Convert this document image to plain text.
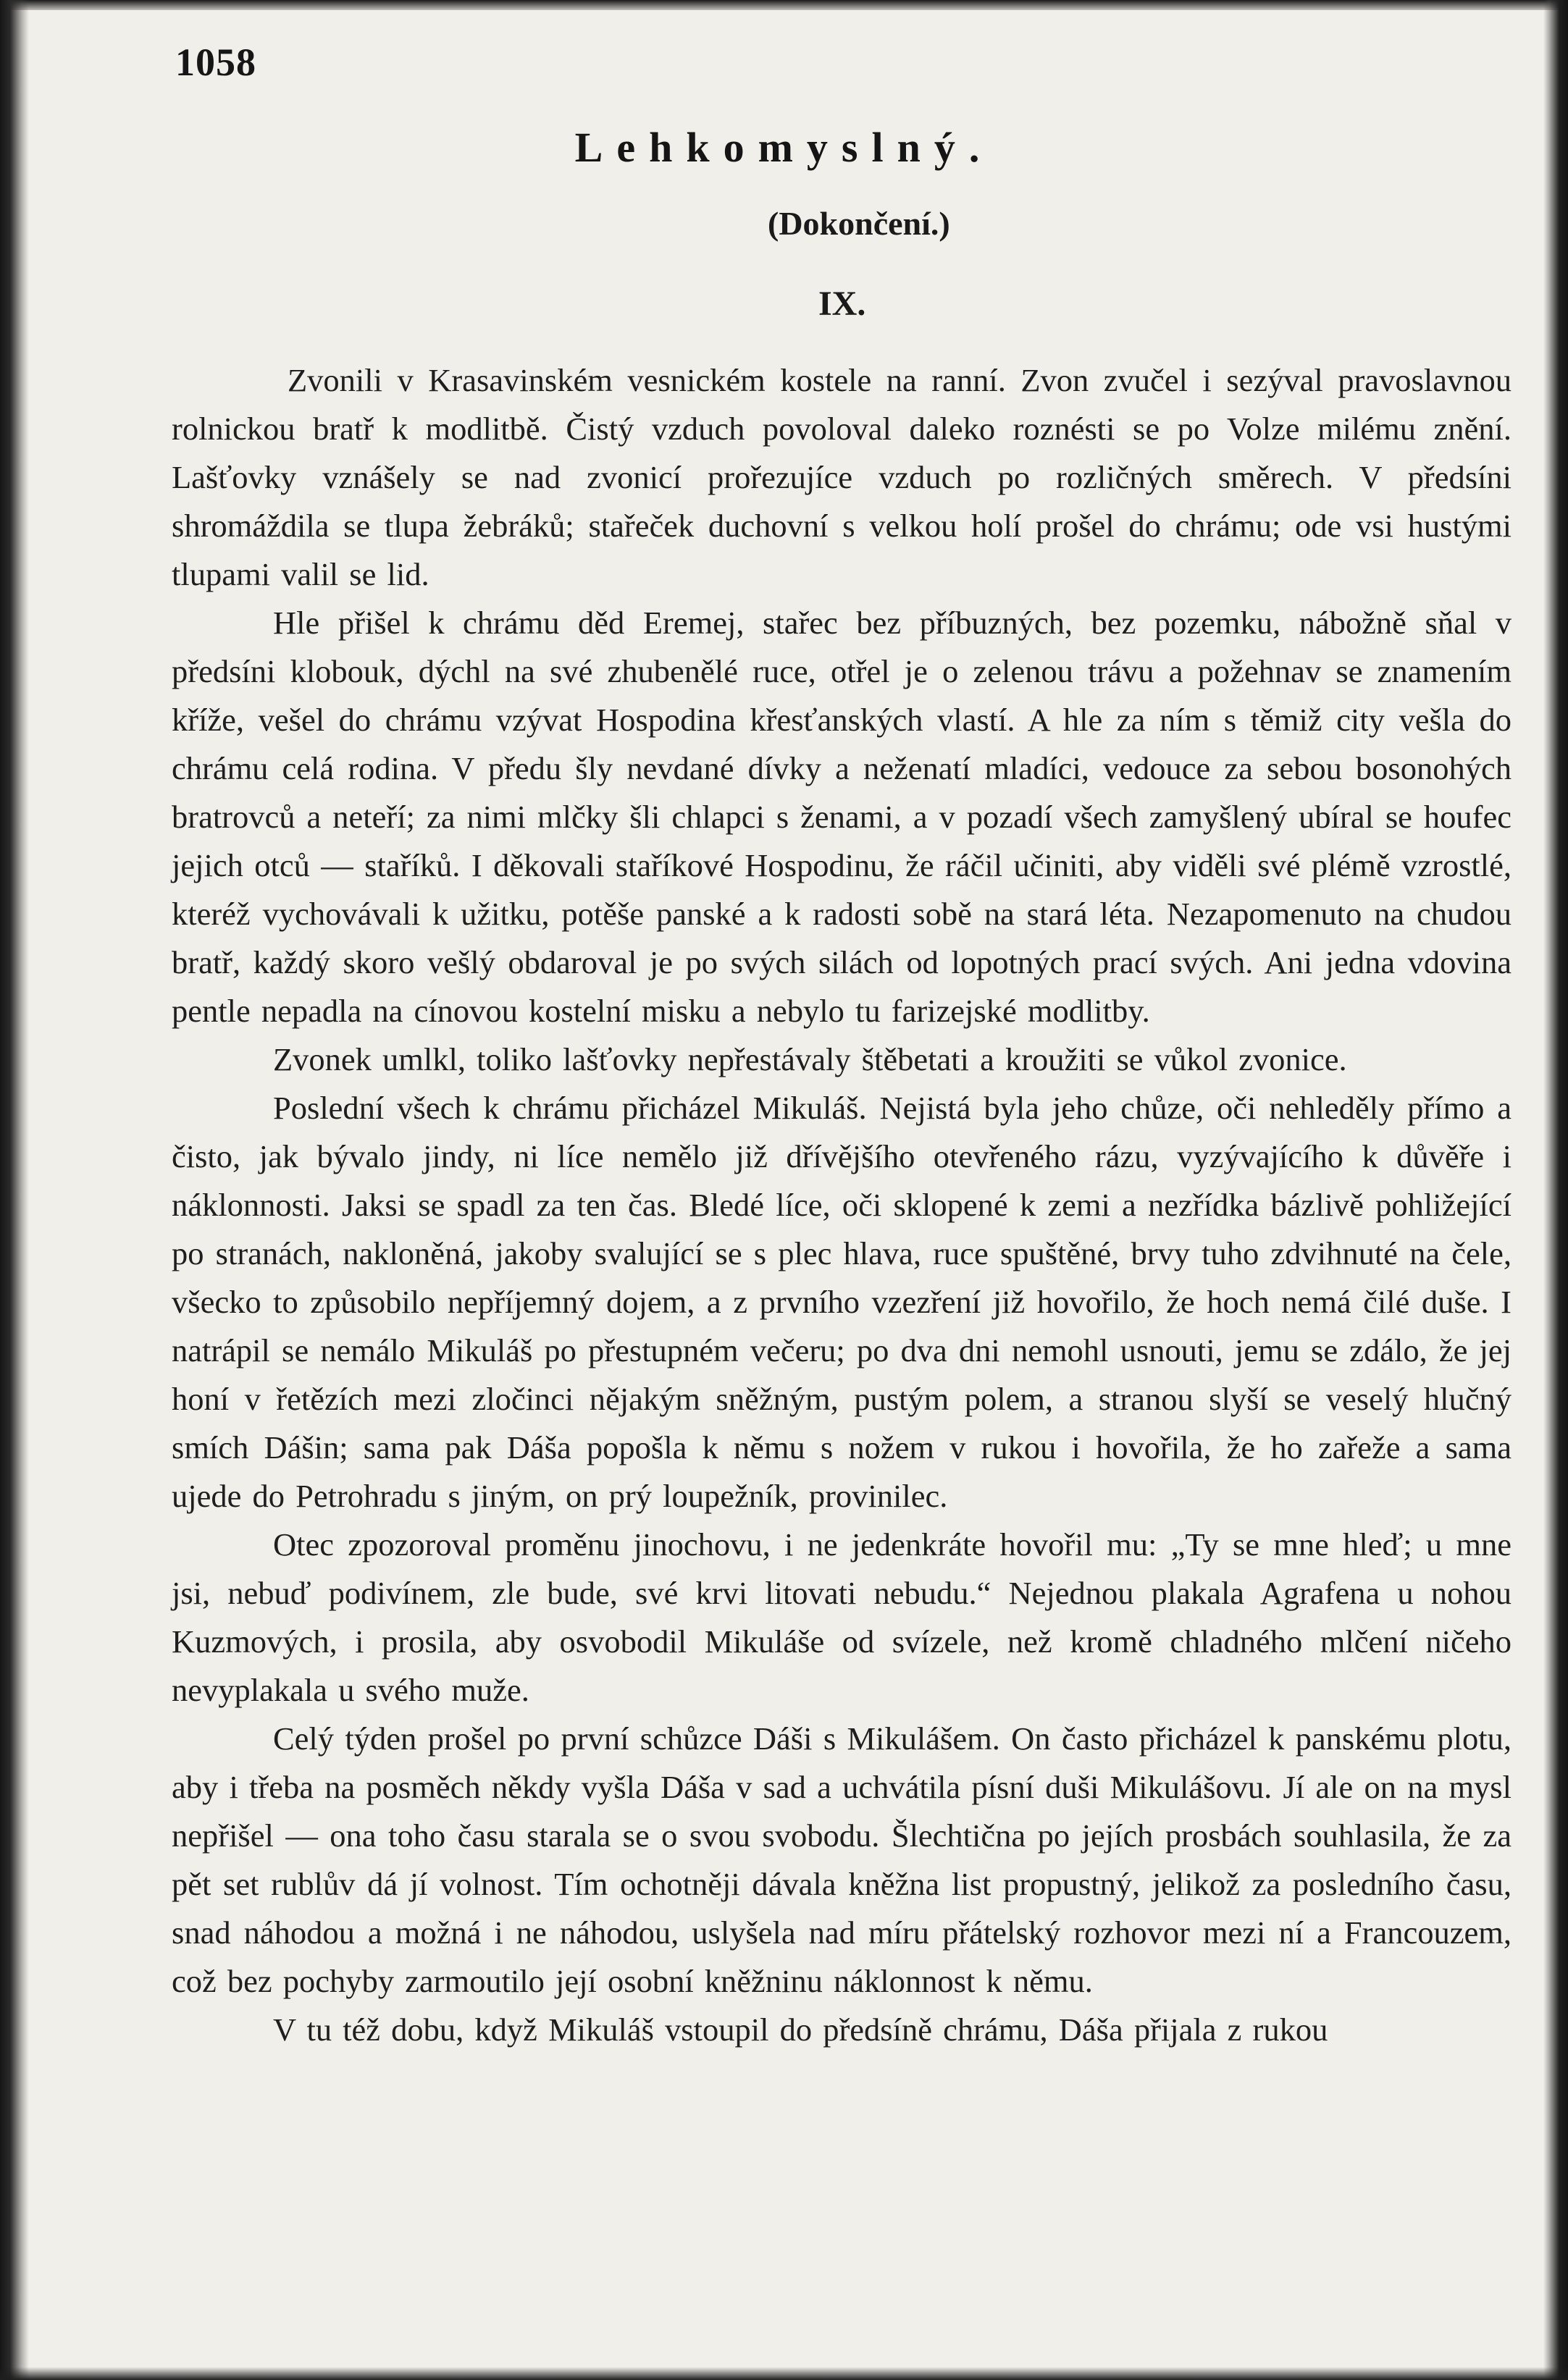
1058
Lehkomyslný.
(Dokončení.)
IX.

Zvonili v Krasavinském vesnickém kostele na ranní. Zvon zvučel i sezýval pravoslavnou rolnickou bratř k modlitbě. Čistý vzduch povoloval daleko roznésti se po Volze milému znění. Lašťovky vznášely se nad zvonicí prořezujíce vzduch po rozličných směrech. V předsíni shromáždila se tlupa žebráků; stařeček duchovní s velkou holí prošel do chrámu; ode vsi hustými tlupami valil se lid.

Hle přišel k chrámu děd Eremej, stařec bez příbuzných, bez pozemku, nábožně sňal v předsíni klobouk, dýchl na své zhubenělé ruce, otřel je o zelenou trávu a požehnav se znamením kříže, vešel do chrámu vzývat Hospodina křesťanských vlastí. A hle za ním s těmiž city vešla do chrámu celá rodina. V předu šly nevdané dívky a neženatí mladíci, vedouce za sebou bosonohých bratrovců a neteří; za nimi mlčky šli chlapci s ženami, a v pozadí všech zamyšlený ubíral se houfec jejich otců — staříků. I děkovali staříkové Hospodinu, že ráčil učiniti, aby viděli své plémě vzrostlé, kteréž vychovávali k užitku, potěše panské a k radosti sobě na stará léta. Nezapomenuto na chudou bratř, každý skoro vešlý obdaroval je po svých silách od lopotných prací svých. Ani jedna vdovina pentle nepadla na cínovou kostelní misku a nebylo tu farizejské modlitby.

Zvonek umlkl, toliko lašťovky nepřestávaly štěbetati a kroužiti se vůkol zvonice.

Poslední všech k chrámu přicházel Mikuláš. Nejistá byla jeho chůze, oči nehleděly přímo a čisto, jak bývalo jindy, ni líce nemělo již dřívějšího otevřeného rázu, vyzývajícího k důvěře i náklonnosti. Jaksi se spadl za ten čas. Bledé líce, oči sklopené k zemi a nezřídka bázlivě pohližející po stranách, nakloněná, jakoby svalující se s plec hlava, ruce spuštěné, brvy tuho zdvihnuté na čele, všecko to způsobilo nepříjemný dojem, a z prvního vzezření již hovořilo, že hoch nemá čilé duše. I natrápil se nemálo Mikuláš po přestupném večeru; po dva dni nemohl usnouti, jemu se zdálo, že jej honí v řetězích mezi zločinci nějakým sněžným, pustým polem, a stranou slyší se veselý hlučný smích Dášin; sama pak Dáša popošla k němu s nožem v rukou i hovořila, že ho zařeže a sama ujede do Petrohradu s jiným, on prý loupežník, provinilec.

Otec zpozoroval proměnu jinochovu, i ne jedenkráte hovořil mu: „Ty se mne hleď; u mne jsi, nebuď podivínem, zle bude, své krvi litovati nebudu.“ Nejednou plakala Agrafena u nohou Kuzmových, i prosila, aby osvobodil Mikuláše od svízele, než kromě chladného mlčení ničeho nevyplakala u svého muže.

Celý týden prošel po první schůzce Dáši s Mikulášem. On často přicházel k panskému plotu, aby i třeba na posměch někdy vyšla Dáša v sad a uchvátila písní duši Mikulášovu. Jí ale on na mysl nepřišel — ona toho času starala se o svou svobodu. Šlechtična po jejích prosbách souhlasila, že za pět set rublův dá jí volnost. Tím ochotněji dávala kněžna list propustný, jelikož za posledního času, snad náhodou a možná i ne náhodou, uslyšela nad míru přátelský rozhovor mezi ní a Francouzem, což bez pochyby zarmoutilo její osobní kněžninu náklonnost k němu.

V tu též dobu, když Mikuláš vstoupil do předsíně chrámu, Dáša přijala z rukou
